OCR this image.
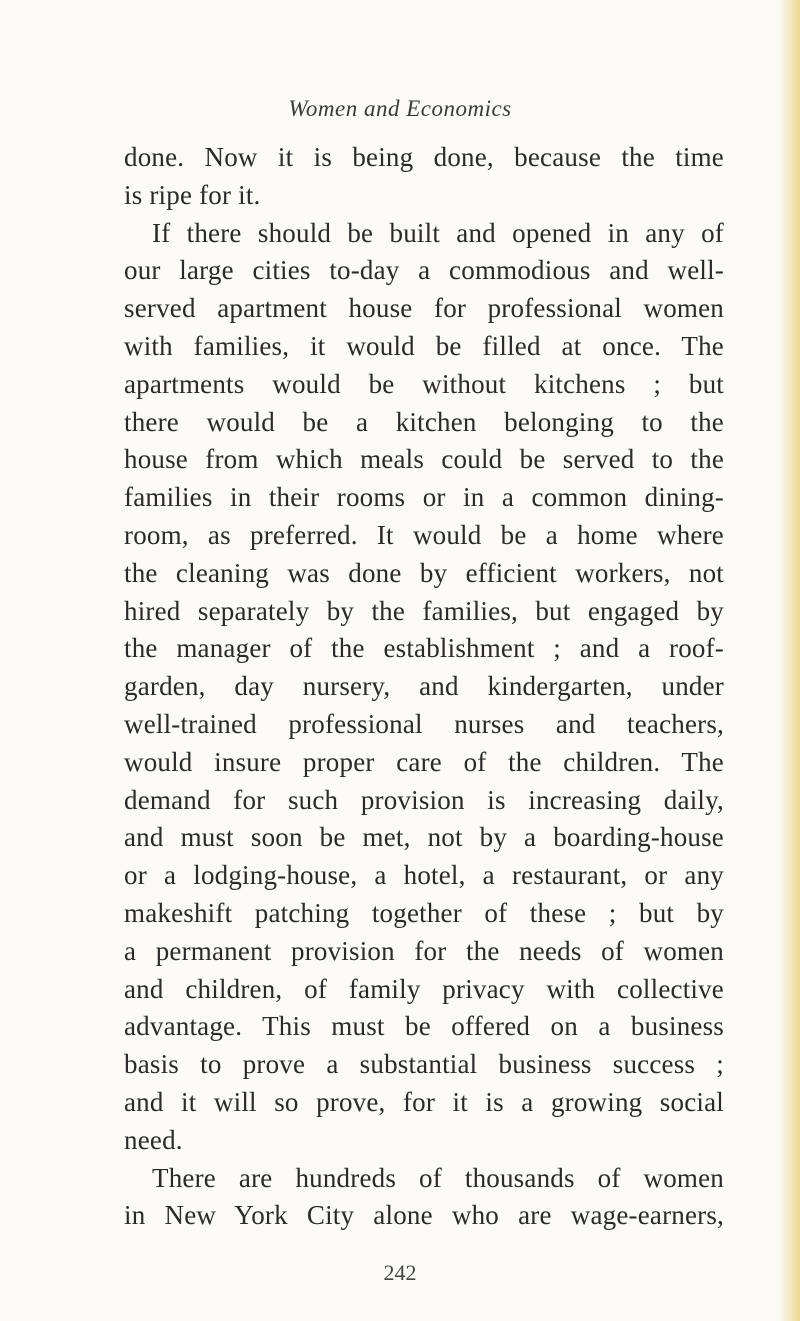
Women and Economics
done. Now it is being done, because the time
is ripe for it.
If there should be built and opened in any of
our large cities to-day a commodious and well-
served apartment house for professional women
with families, it would be filled at once. The
apartments would be without kitchens ; but
there would be a kitchen belonging to the
house from which meals could be served to the
families in their rooms or in a common dining-
room, as preferred. It would be a home where
the cleaning was done by efficient workers, not
hired separately by the families, but engaged by
the manager of the establishment ; and a roof-
garden, day nursery, and kindergarten, under
well-trained professional nurses and teachers,
would insure proper care of the children. The
demand for such provision is increasing daily,
and must soon be met, not by a boarding-house
or a lodging-house, a hotel, a restaurant, or any
makeshift patching together of these ; but by
a permanent provision for the needs of women
and children, of family privacy with collective
advantage. This must be offered on a business
basis to prove a substantial business success ;
and it will so prove, for it is a growing social
need.
There are hundreds of thousands of women
in New York City alone who are wage-earners,
242
